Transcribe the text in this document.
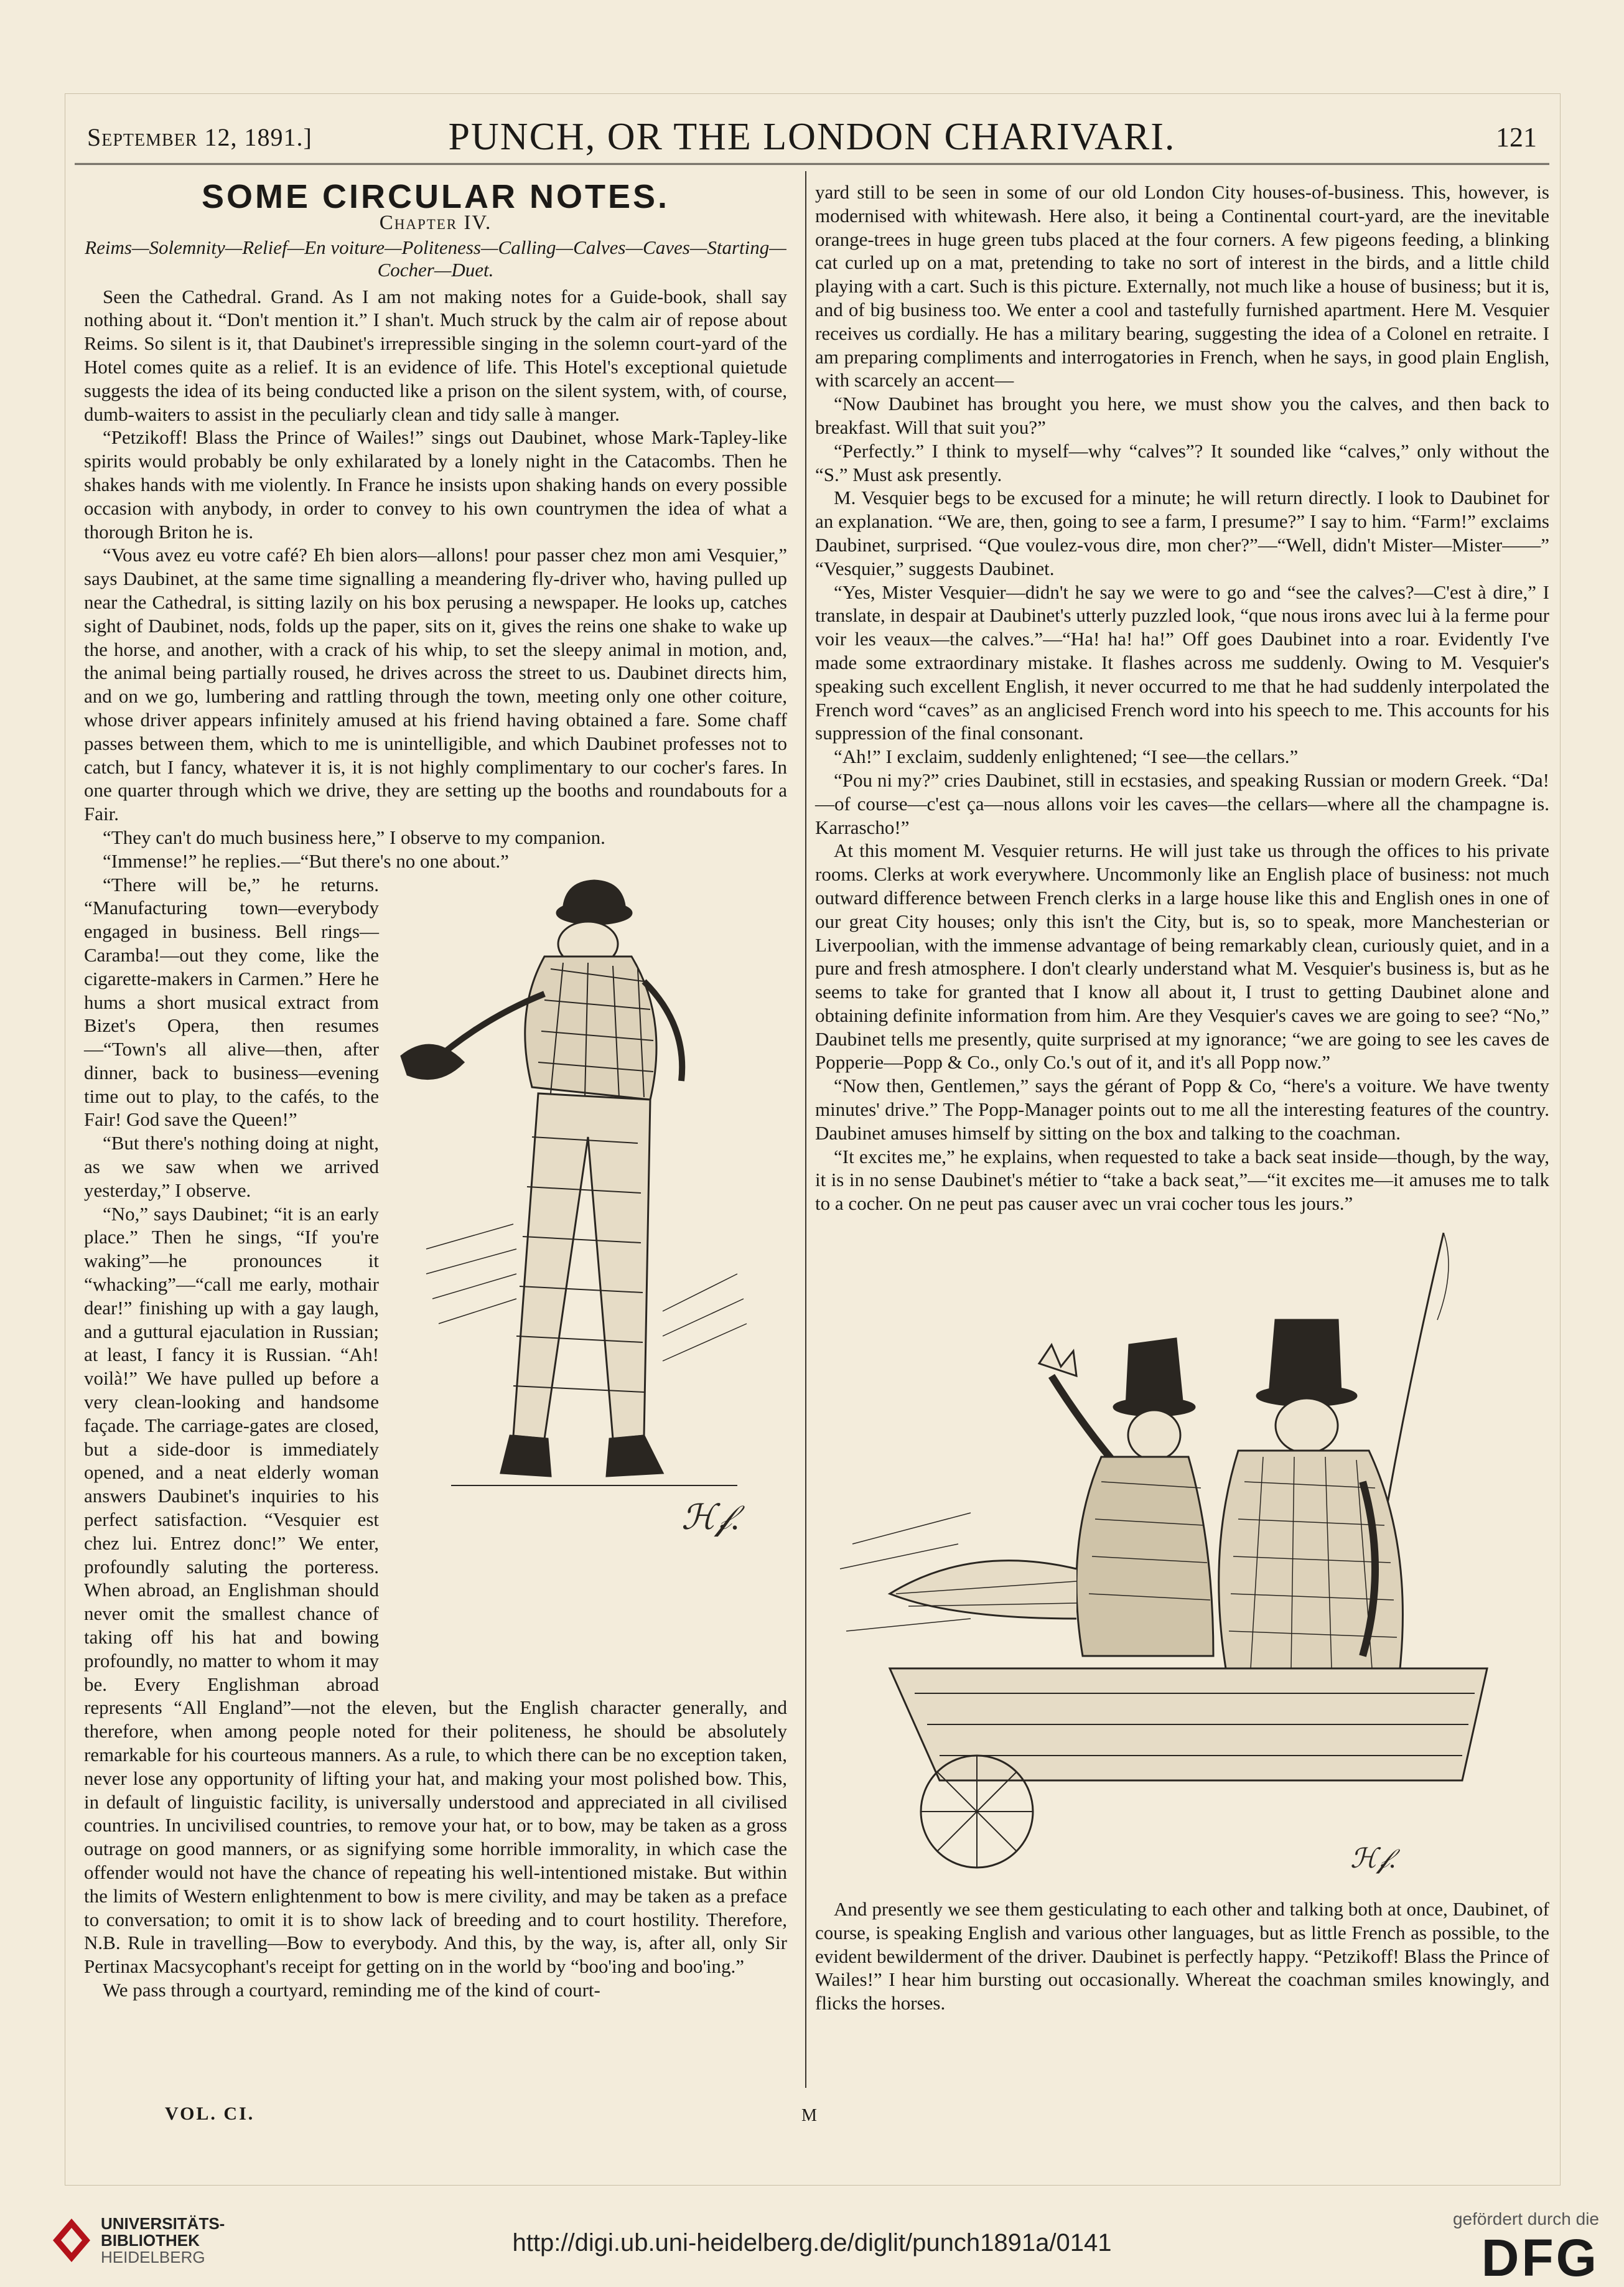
September 12, 1891.]	PUNCH, OR THE LONDON CHARIVARI.	121
SOME CIRCULAR NOTES.
Chapter IV.
Reims—Solemnity—Relief—En voiture—Politeness—Calling—Calves—Caves—Starting—Cocher—Duet.

Seen the Cathedral. Grand. As I am not making notes for a Guide-book, shall say nothing about it. “Don't mention it.” I shan't. Much struck by the calm air of repose about Reims. So silent is it, that Daubinet's irrepressible singing in the solemn court-yard of the Hotel comes quite as a relief. It is an evidence of life. This Hotel's exceptional quietude suggests the idea of its being conducted like a prison on the silent system, with, of course, dumb-waiters to assist in the peculiarly clean and tidy salle à manger.

“Petzikoff! Blass the Prince of Wailes!” sings out Daubinet, whose Mark-Tapley-like spirits would probably be only exhilarated by a lonely night in the Catacombs. Then he shakes hands with me violently. In France he insists upon shaking hands on every possible occasion with anybody, in order to convey to his own countrymen the idea of what a thorough Briton he is.

“Vous avez eu votre café? Eh bien alors—allons! pour passer chez mon ami Vesquier,” says Daubinet, at the same time signalling a meandering fly-driver who, having pulled up near the Cathedral, is sitting lazily on his box perusing a newspaper. He looks up, catches sight of Daubinet, nods, folds up the paper, sits on it, gives the reins one shake to wake up the horse, and another, with a crack of his whip, to set the sleepy animal in motion, and, the animal being partially roused, he drives across the street to us. Daubinet directs him, and on we go, lumbering and rattling through the town, meeting only one other coiture, whose driver appears infinitely amused at his friend having obtained a fare. Some chaff passes between them, which to me is unintelligible, and which Daubinet professes not to catch, but I fancy, whatever it is, it is not highly complimentary to our cocher's fares. In one quarter through which we drive, they are setting up the booths and roundabouts for a Fair.

“They can't do much business here,” I observe to my companion.

“Immense!” he replies.—“But there's no one about.”

ℋ𝒻.

“There will be,” he returns. “Manufacturing town—everybody engaged in business. Bell rings—Caramba!—out they come, like the cigarette-makers in Carmen.” Here he hums a short musical extract from Bizet's Opera, then resumes—“Town's all alive—then, after dinner, back to business—evening time out to play, to the cafés, to the Fair! God save the Queen!”

“But there's nothing doing at night, as we saw when we arrived yesterday,” I observe.

“No,” says Daubinet; “it is an early place.” Then he sings, “If you're waking”—he pronounces it “whacking”—“call me early, mothair dear!” finishing up with a gay laugh, and a guttural ejaculation in Russian; at least, I fancy it is Russian. “Ah! voilà!” We have pulled up before a very clean-looking and handsome façade. The carriage-gates are closed, but a side-door is immediately opened, and a neat elderly woman answers Daubinet's inquiries to his perfect satisfaction. “Vesquier est chez lui. Entrez donc!” We enter, profoundly saluting the porteress. When abroad, an Englishman should never omit the smallest chance of taking off his hat and bowing profoundly, no matter to whom it may be. Every Englishman abroad represents “All England”—not the eleven, but the English character generally, and therefore, when among people noted for their politeness, he should be absolutely remarkable for his courteous manners. As a rule, to which there can be no exception taken, never lose any opportunity of lifting your hat, and making your most polished bow. This, in default of linguistic facility, is universally understood and appreciated in all civilised countries. In uncivilised countries, to remove your hat, or to bow, may be taken as a gross outrage on good manners, or as signifying some horrible immorality, in which case the offender would not have the chance of repeating his well-intentioned mistake. But within the limits of Western enlightenment to bow is mere civility, and may be taken as a preface to conversation; to omit it is to show lack of breeding and to court hostility. Therefore, N.B. Rule in travelling—Bow to everybody. And this, by the way, is, after all, only Sir Pertinax Macsycophant's receipt for getting on in the world by “boo'ing and boo'ing.”

We pass through a courtyard, reminding me of the kind of court-

yard still to be seen in some of our old London City houses-of-business. This, however, is modernised with whitewash. Here also, it being a Continental court-yard, are the inevitable orange-trees in huge green tubs placed at the four corners. A few pigeons feeding, a blinking cat curled up on a mat, pretending to take no sort of interest in the birds, and a little child playing with a cart. Such is this picture. Externally, not much like a house of business; but it is, and of big business too. We enter a cool and tastefully furnished apartment. Here M. Vesquier receives us cordially. He has a military bearing, suggesting the idea of a Colonel en retraite. I am preparing compliments and interrogatories in French, when he says, in good plain English, with scarcely an accent—

“Now Daubinet has brought you here, we must show you the calves, and then back to breakfast. Will that suit you?”

“Perfectly.” I think to myself—why “calves”? It sounded like “calves,” only without the “S.” Must ask presently.

M. Vesquier begs to be excused for a minute; he will return directly. I look to Daubinet for an explanation. “We are, then, going to see a farm, I presume?” I say to him. “Farm!” exclaims Daubinet, surprised. “Que voulez-vous dire, mon cher?”—“Well, didn't Mister—Mister——” “Vesquier,” suggests Daubinet.

“Yes, Mister Vesquier—didn't he say we were to go and “see the calves?—C'est à dire,” I translate, in despair at Daubinet's utterly puzzled look, “que nous irons avec lui à la ferme pour voir les veaux—the calves.”—“Ha! ha! ha!” Off goes Daubinet into a roar. Evidently I've made some extraordinary mistake. It flashes across me suddenly. Owing to M. Vesquier's speaking such excellent English, it never occurred to me that he had suddenly interpolated the French word “caves” as an anglicised French word into his speech to me. This accounts for his suppression of the final consonant.

“Ah!” I exclaim, suddenly enlightened; “I see—the cellars.”

“Pou ni my?” cries Daubinet, still in ecstasies, and speaking Russian or modern Greek. “Da!—of course—c'est ça—nous allons voir les caves—the cellars—where all the champagne is. Karrascho!”

At this moment M. Vesquier returns. He will just take us through the offices to his private rooms. Clerks at work everywhere. Uncommonly like an English place of business: not much outward difference between French clerks in a large house like this and English ones in one of our great City houses; only this isn't the City, but is, so to speak, more Manchesterian or Liverpoolian, with the immense advantage of being remarkably clean, curiously quiet, and in a pure and fresh atmosphere. I don't clearly understand what M. Vesquier's business is, but as he seems to take for granted that I know all about it, I trust to getting Daubinet alone and obtaining definite information from him. Are they Vesquier's caves we are going to see? “No,” Daubinet tells me presently, quite surprised at my ignorance; “we are going to see les caves de Popperie—Popp & Co., only Co.'s out of it, and it's all Popp now.”

“Now then, Gentlemen,” says the gérant of Popp & Co, “here's a voiture. We have twenty minutes' drive.” The Popp-Manager points out to me all the interesting features of the country. Daubinet amuses himself by sitting on the box and talking to the coachman.

“It excites me,” he explains, when requested to take a back seat inside—though, by the way, it is in no sense Daubinet's métier to “take a back seat,”—“it excites me—it amuses me to talk to a cocher. On ne peut pas causer avec un vrai cocher tous les jours.”

ℋ𝒻.

And presently we see them gesticulating to each other and talking both at once, Daubinet, of course, is speaking English and various other languages, but as little French as possible, to the evident bewilderment of the driver. Daubinet is perfectly happy. “Petzikoff! Blass the Prince of Wailes!” I hear him bursting out occasionally. Whereat the coachman smiles knowingly, and flicks the horses.

VOL. CI.	M
UNIVERSITÄTS-
BIBLIOTHEK
HEIDELBERG
http://digi.ub.uni-heidelberg.de/diglit/punch1891a/0141
gefördert durch die
DFG
